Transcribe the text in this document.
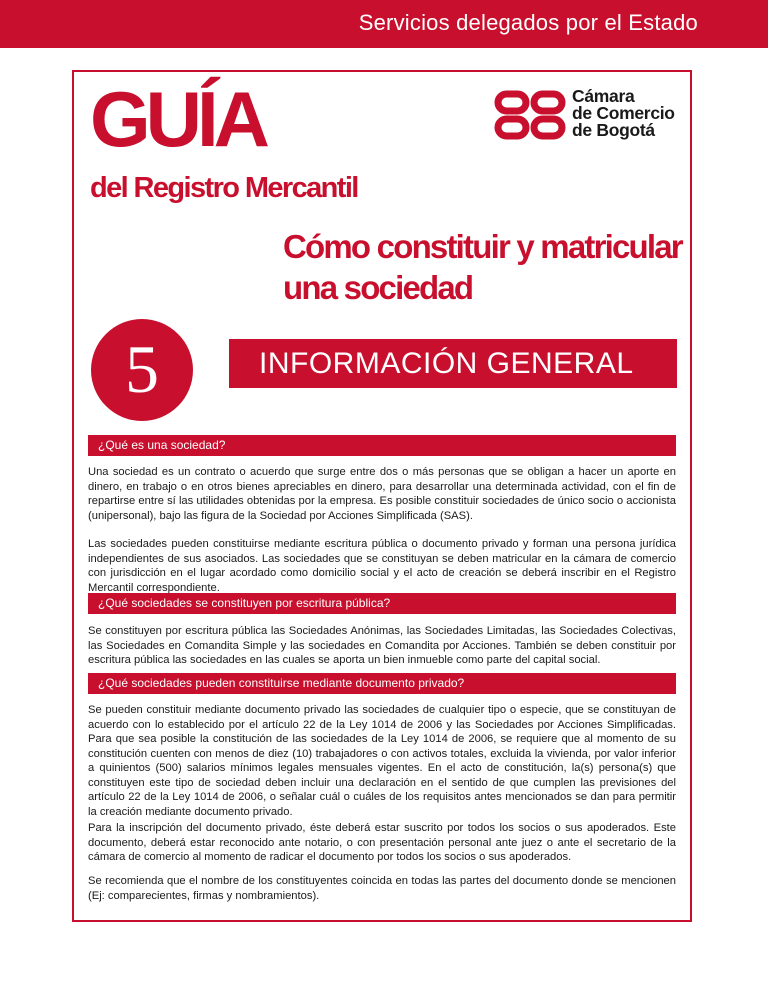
Servicios delegados por el Estado
GUÍA
del Registro Mercantil
Cámara
de Comercio
de Bogotá
Cómo constituir y matricular
una sociedad
5	INFORMACIÓN GENERAL
¿Qué es una sociedad?
Una sociedad es un contrato o acuerdo que surge entre dos o más personas que se obligan a hacer un aporte en dinero, en trabajo o en otros bienes apreciables en dinero, para desarrollar una determinada actividad, con el fin de repartirse entre sí las utilidades obtenidas por la empresa. Es posible constituir sociedades de único socio o accionista (unipersonal), bajo las figura de la Sociedad por Acciones Simplificada (SAS).
Las sociedades pueden constituirse mediante escritura pública o documento privado y forman una persona jurídica independientes de sus asociados. Las sociedades que se constituyan se deben matricular en la cámara de comercio con jurisdicción en el lugar acordado como domicilio social y el acto de creación se deberá inscribir en el Registro Mercantil correspondiente.
¿Qué sociedades se constituyen por escritura pública?
Se constituyen por escritura pública las Sociedades Anónimas, las Sociedades Limitadas, las Sociedades Colectivas, las Sociedades en Comandita Simple y las sociedades en Comandita por Acciones. También se deben constituir por escritura pública las sociedades en las cuales se aporta un bien inmueble como parte del capital social.
¿Qué sociedades pueden constituirse mediante documento privado?
Se pueden constituir mediante documento privado las sociedades de cualquier tipo o especie, que se constituyan de acuerdo con lo establecido por el artículo 22 de la Ley 1014 de 2006 y las Sociedades por Acciones Simplificadas. Para que sea posible la constitución de las sociedades de la Ley 1014 de 2006, se requiere que al momento de su constitución cuenten con menos de diez (10) trabajadores o con activos totales, excluida la vivienda, por valor inferior a quinientos (500) salarios mínimos legales mensuales vigentes. En el acto de constitución, la(s) persona(s) que constituyen este tipo de sociedad deben incluir una declaración en el sentido de que cumplen las previsiones del artículo 22 de la Ley 1014 de 2006, o señalar cuál o cuáles de los requisitos antes mencionados se dan para permitir la creación mediante documento privado.
Para la inscripción del documento privado, éste deberá estar suscrito por todos los socios o sus apoderados. Este documento, deberá estar reconocido ante notario, o con presentación personal ante juez o ante el secretario de la cámara de comercio al momento de radicar el documento por todos los socios o sus apoderados.
Se recomienda que el nombre de los constituyentes coincida en todas las partes del documento donde se mencionen (Ej: comparecientes, firmas y nombramientos).
